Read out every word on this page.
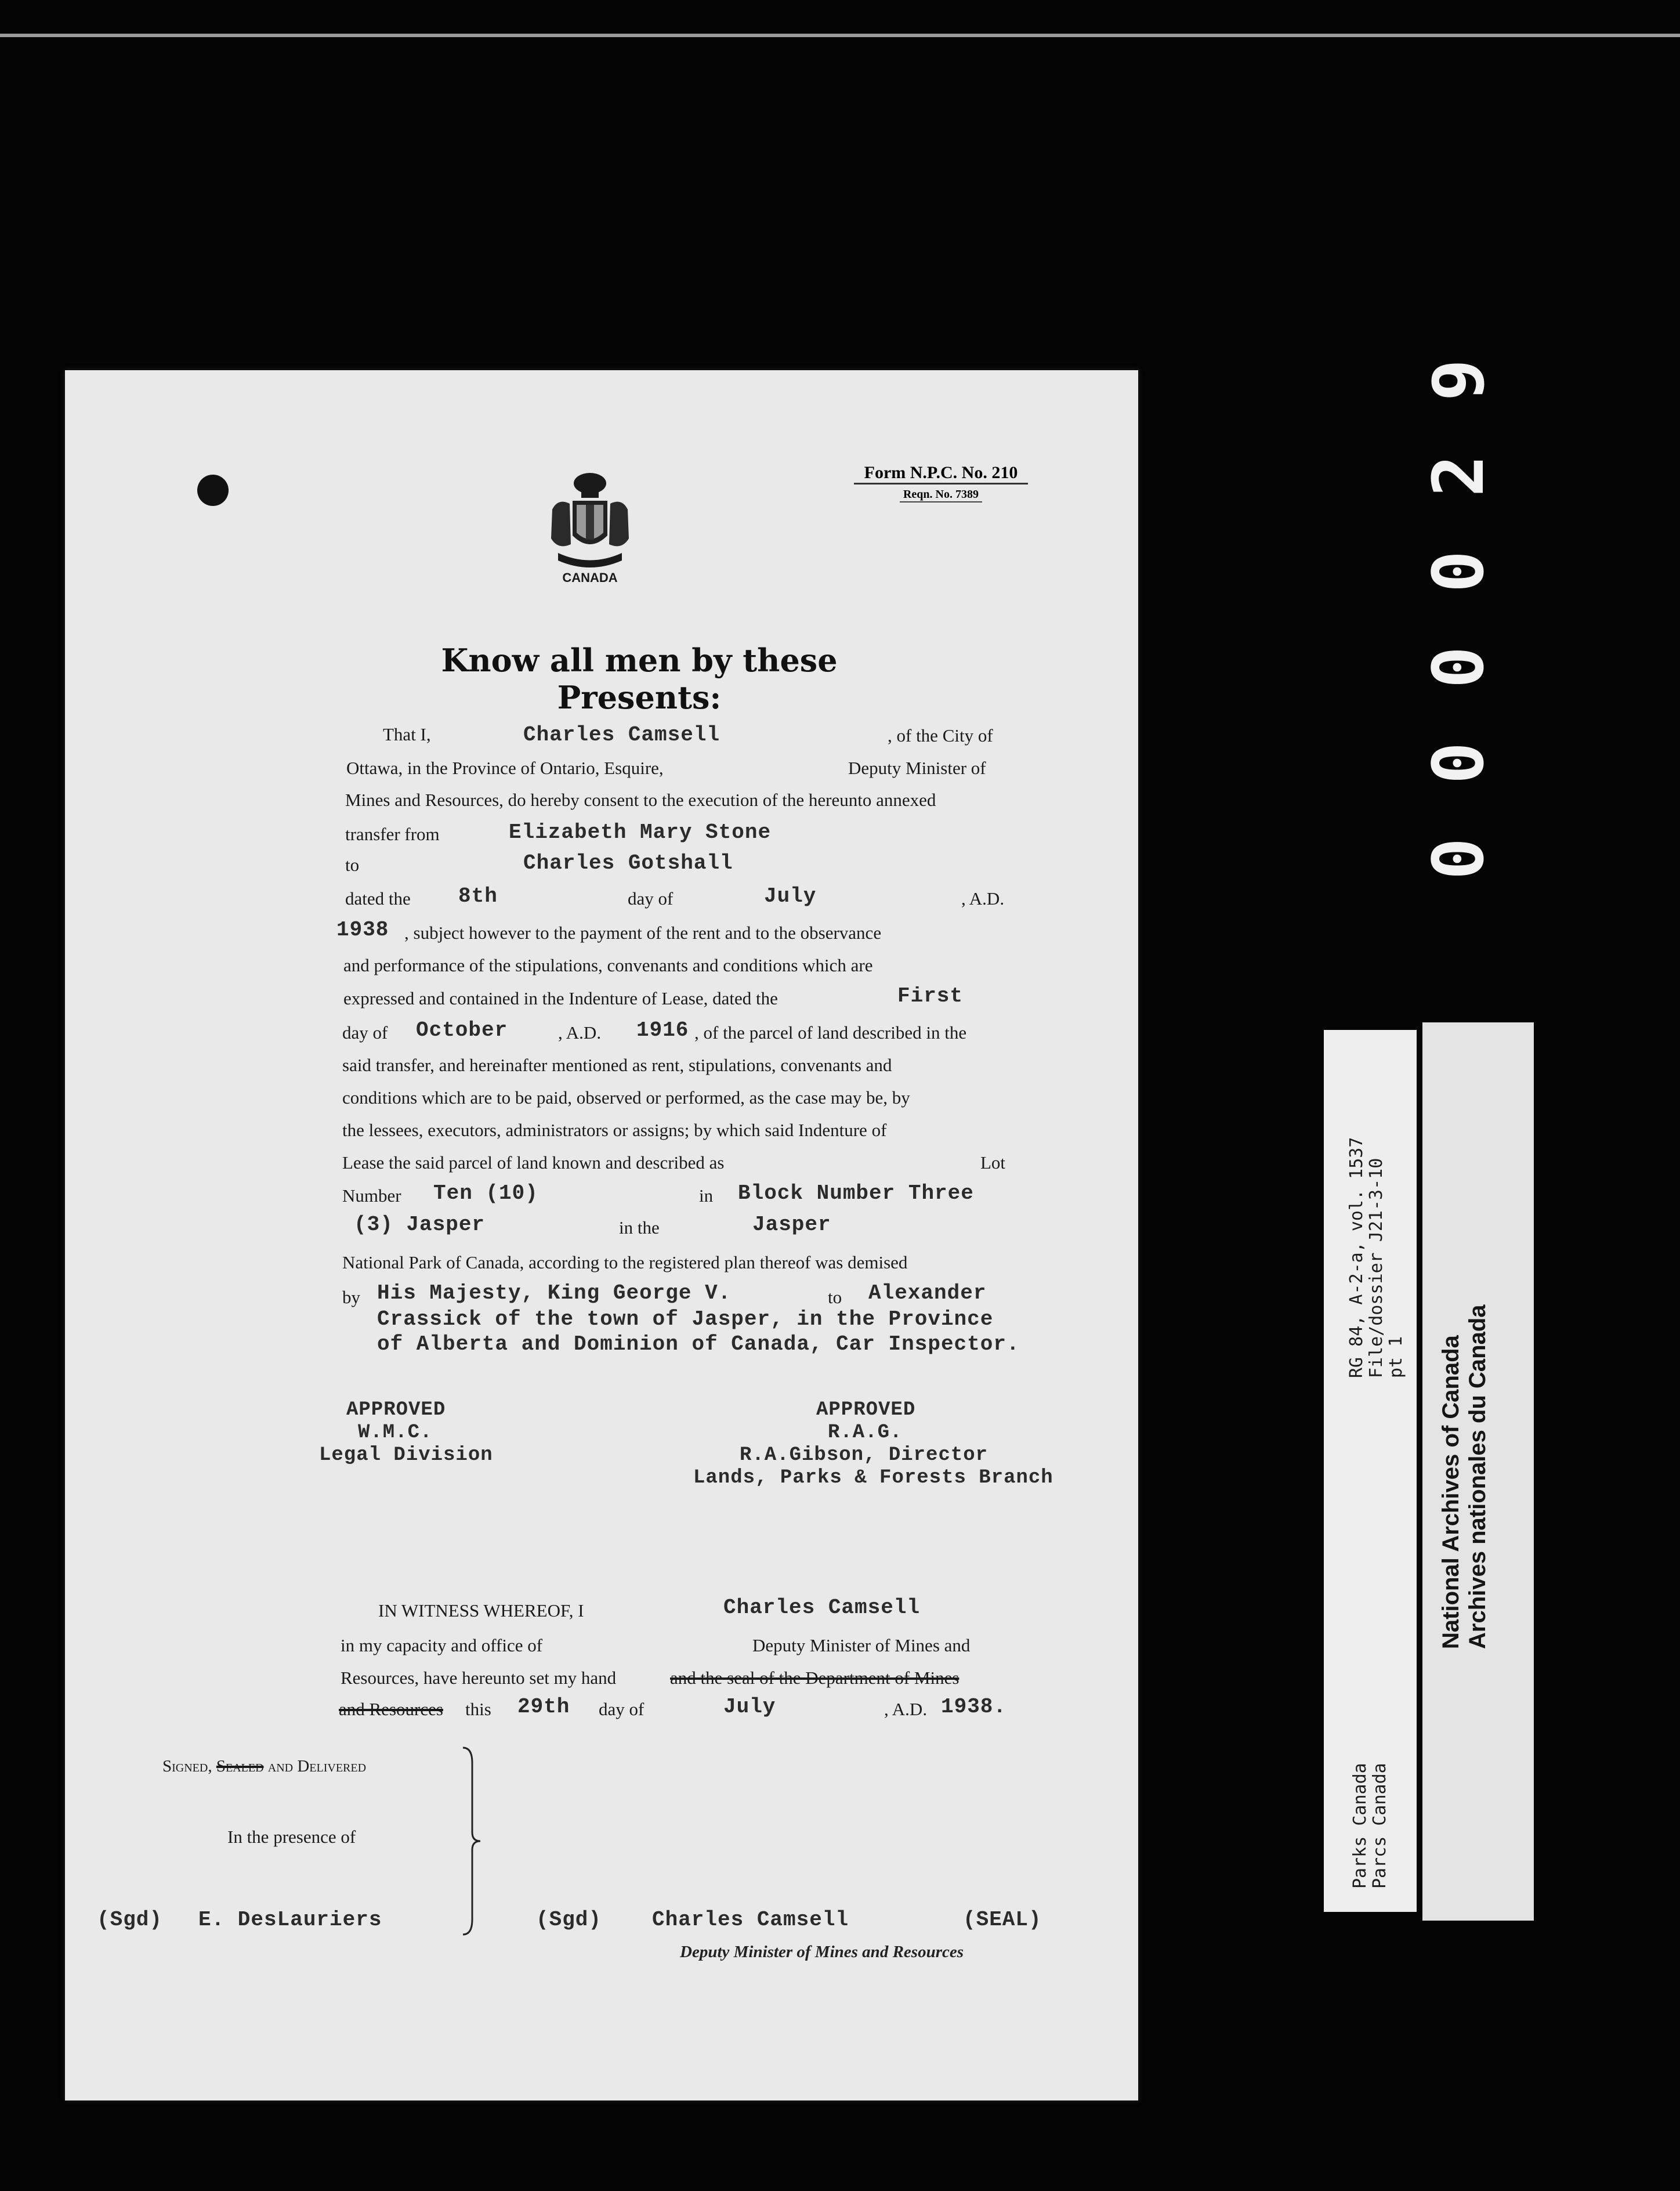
Form N.P.C. No. 210
Reqn. No. 7389
CANADA
Know all men by these Presents:
That I,	Charles Camsell	, of the City of
Ottawa, in the Province of Ontario, Esquire,	Deputy Minister of
Mines and Resources, do hereby consent to the execution of the hereunto annexed
transfer from	Elizabeth Mary Stone
to	Charles Gotshall
dated the 8th	day of	July	, A.D.
1938 , subject however to the payment of the rent and to the observance
and performance of the stipulations, convenants and conditions which are
expressed and contained in the Indenture of Lease, dated the	First
day of October	, A.D. 1916 , of the parcel of land described in the
said transfer, and hereinafter mentioned as rent, stipulations, convenants and
conditions which are to be paid, observed or performed, as the case may be, by
the lessees, executors, administrators or assigns; by which said Indenture of
Lease the said parcel of land known and described as	Lot
Number Ten (10)	in Block Number Three
(3) Jasper	in the	Jasper
National Park of Canada, according to the registered plan thereof was demised
by His Majesty, King George V.	to Alexander
Crassick of the town of Jasper, in the Province
of Alberta and Dominion of Canada, Car Inspector.
APPROVED
W.M.C.
Legal Division
APPROVED
R.A.G.
R.A.Gibson, Director
Lands, Parks & Forests Branch
IN WITNESS WHEREOF, I	Charles Camsell
in my capacity and office of	Deputy Minister of Mines and
Resources, have hereunto set my hand	and the seal of the Department of Mines
and Resources this 29th day of	July	, A.D. 1938.
Signed, Sealed and Delivered
In the presence of
(Sgd) E. DesLauriers	(Sgd) Charles Camsell	(SEAL)
Deputy Minister of Mines and Resources
9
2
0
0
0
0
RG 84, A-2-a, vol. 1537 File/dossier J21-3-10 pt 1
Parks Canada Parcs Canada
National Archives of Canada Archives nationales du Canada
